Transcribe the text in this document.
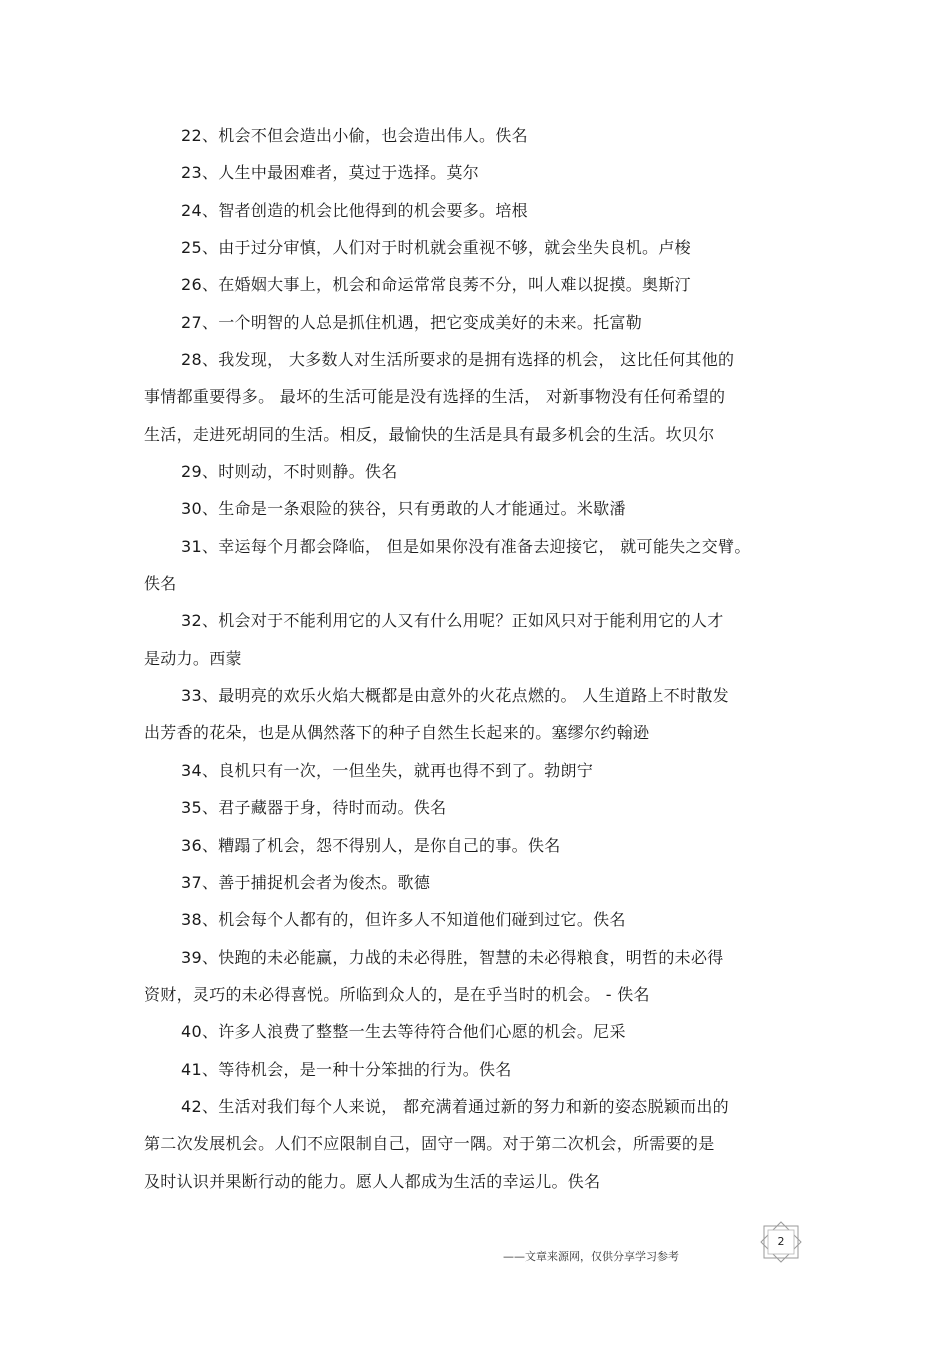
22、机会不但会造出小偷，也会造出伟人。佚名
23、人生中最困难者，莫过于选择。莫尔
24、智者创造的机会比他得到的机会要多。培根
25、由于过分审慎，人们对于时机就会重视不够，就会坐失良机。卢梭
26、在婚姻大事上，机会和命运常常良莠不分，叫人难以捉摸。奥斯汀
27、一个明智的人总是抓住机遇，把它变成美好的未来。托富勒
28、我发现， 大多数人对生活所要求的是拥有选择的机会， 这比任何其他的
事情都重要得多。 最坏的生活可能是没有选择的生活， 对新事物没有任何希望的
生活，走进死胡同的生活。相反，最愉快的生活是具有最多机会的生活。坎贝尔
29、时则动，不时则静。佚名
30、生命是一条艰险的狭谷，只有勇敢的人才能通过。米歇潘
31、幸运每个月都会降临， 但是如果你没有准备去迎接它， 就可能失之交臂。
佚名
32、机会对于不能利用它的人又有什么用呢？正如风只对于能利用它的人才
是动力。西蒙
33、最明亮的欢乐火焰大概都是由意外的火花点燃的。 人生道路上不时散发
出芳香的花朵，也是从偶然落下的种子自然生长起来的。塞缪尔约翰逊
34、良机只有一次，一但坐失，就再也得不到了。勃朗宁
35、君子藏器于身，待时而动。佚名
36、糟蹋了机会，怨不得别人，是你自己的事。佚名
37、善于捕捉机会者为俊杰。歌德
38、机会每个人都有的，但许多人不知道他们碰到过它。佚名
39、快跑的未必能赢，力战的未必得胜，智慧的未必得粮食，明哲的未必得
资财，灵巧的未必得喜悦。所临到众人的，是在乎当时的机会。 - 佚名
40、许多人浪费了整整一生去等待符合他们心愿的机会。尼采
41、等待机会，是一种十分笨拙的行为。佚名
42、生活对我们每个人来说， 都充满着通过新的努力和新的姿态脱颖而出的
第二次发展机会。人们不应限制自己，固守一隅。对于第二次机会，所需要的是
及时认识并果断行动的能力。愿人人都成为生活的幸运儿。佚名
2
——文章来源网，仅供分享学习参考
